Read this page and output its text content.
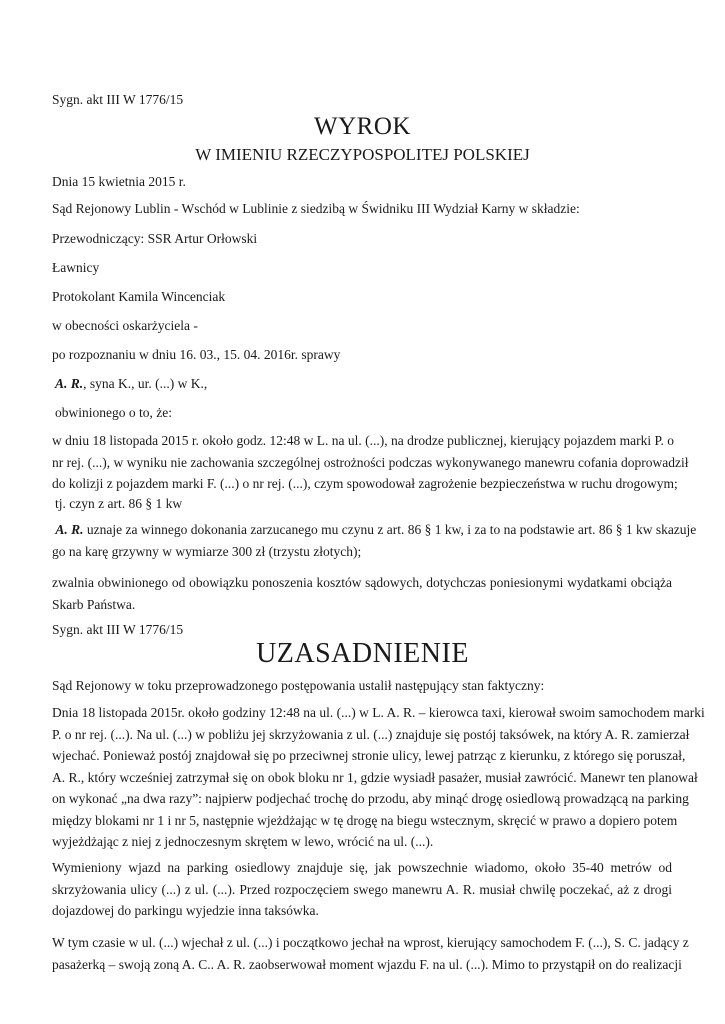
Sygn. akt III W 1776/15
WYROK
W IMIENIU RZECZYPOSPOLITEJ POLSKIEJ
Dnia 15 kwietnia 2015 r.
Sąd Rejonowy Lublin - Wschód w Lublinie z siedzibą w Świdniku III Wydział Karny w składzie:
Przewodniczący: SSR Artur Orłowski
Ławnicy
Protokolant Kamila Wincenciak
w obecności oskarżyciela -
po rozpoznaniu w dniu 16. 03., 15. 04. 2016r. sprawy
A. R., syna K., ur. (...) w K.,
obwinionego o to, że:
w dniu 18 listopada 2015 r. około godz. 12:48 w L. na ul. (...), na drodze publicznej, kierujący pojazdem marki P. o
nr rej. (...), w wyniku nie zachowania szczególnej ostrożności podczas wykonywanego manewru cofania doprowadził
do kolizji z pojazdem marki F. (...) o nr rej. (...), czym spowodował zagrożenie bezpieczeństwa w ruchu drogowym;
tj. czyn z art. 86 § 1 kw
A. R. uznaje za winnego dokonania zarzucanego mu czynu z art. 86 § 1 kw, i za to na podstawie art. 86 § 1 kw skazuje
go na karę grzywny w wymiarze 300 zł (trzystu złotych);
zwalnia obwinionego od obowiązku ponoszenia kosztów sądowych, dotychczas poniesionymi wydatkami obciąża
Skarb Państwa.
Sygn. akt III W 1776/15
UZASADNIENIE
Sąd Rejonowy w toku przeprowadzonego postępowania ustalił następujący stan faktyczny:
Dnia 18 listopada 2015r. około godziny 12:48 na ul. (...) w L. A. R. – kierowca taxi, kierował swoim samochodem marki
P. o nr rej. (...). Na ul. (...) w pobliżu jej skrzyżowania z ul. (...) znajduje się postój taksówek, na który A. R. zamierzał
wjechać. Ponieważ postój znajdował się po przeciwnej stronie ulicy, lewej patrząc z kierunku, z którego się poruszał,
A. R., który wcześniej zatrzymał się on obok bloku nr 1, gdzie wysiadł pasażer, musiał zawrócić. Manewr ten planował
on wykonać „na dwa razy”: najpierw podjechać trochę do przodu, aby minąć drogę osiedlową prowadzącą na parking
między blokami nr 1 i nr 5, następnie wjeżdżając w tę drogę na biegu wstecznym, skręcić w prawo a dopiero potem
wyjeżdżając z niej z jednoczesnym skrętem w lewo, wrócić na ul. (...).
Wymieniony wjazd na parking osiedlowy znajduje się, jak powszechnie wiadomo, około 35-40 metrów od
skrzyżowania ulicy (...) z ul. (...). Przed rozpoczęciem swego manewru A. R. musiał chwilę poczekać, aż z drogi
dojazdowej do parkingu wyjedzie inna taksówka.
W tym czasie w ul. (...) wjechał z ul. (...) i początkowo jechał na wprost, kierujący samochodem F. (...), S. C. jadący z
pasażerką – swoją zoną A. C.. A. R. zaobserwował moment wjazdu F. na ul. (...). Mimo to przystąpił on do realizacji
